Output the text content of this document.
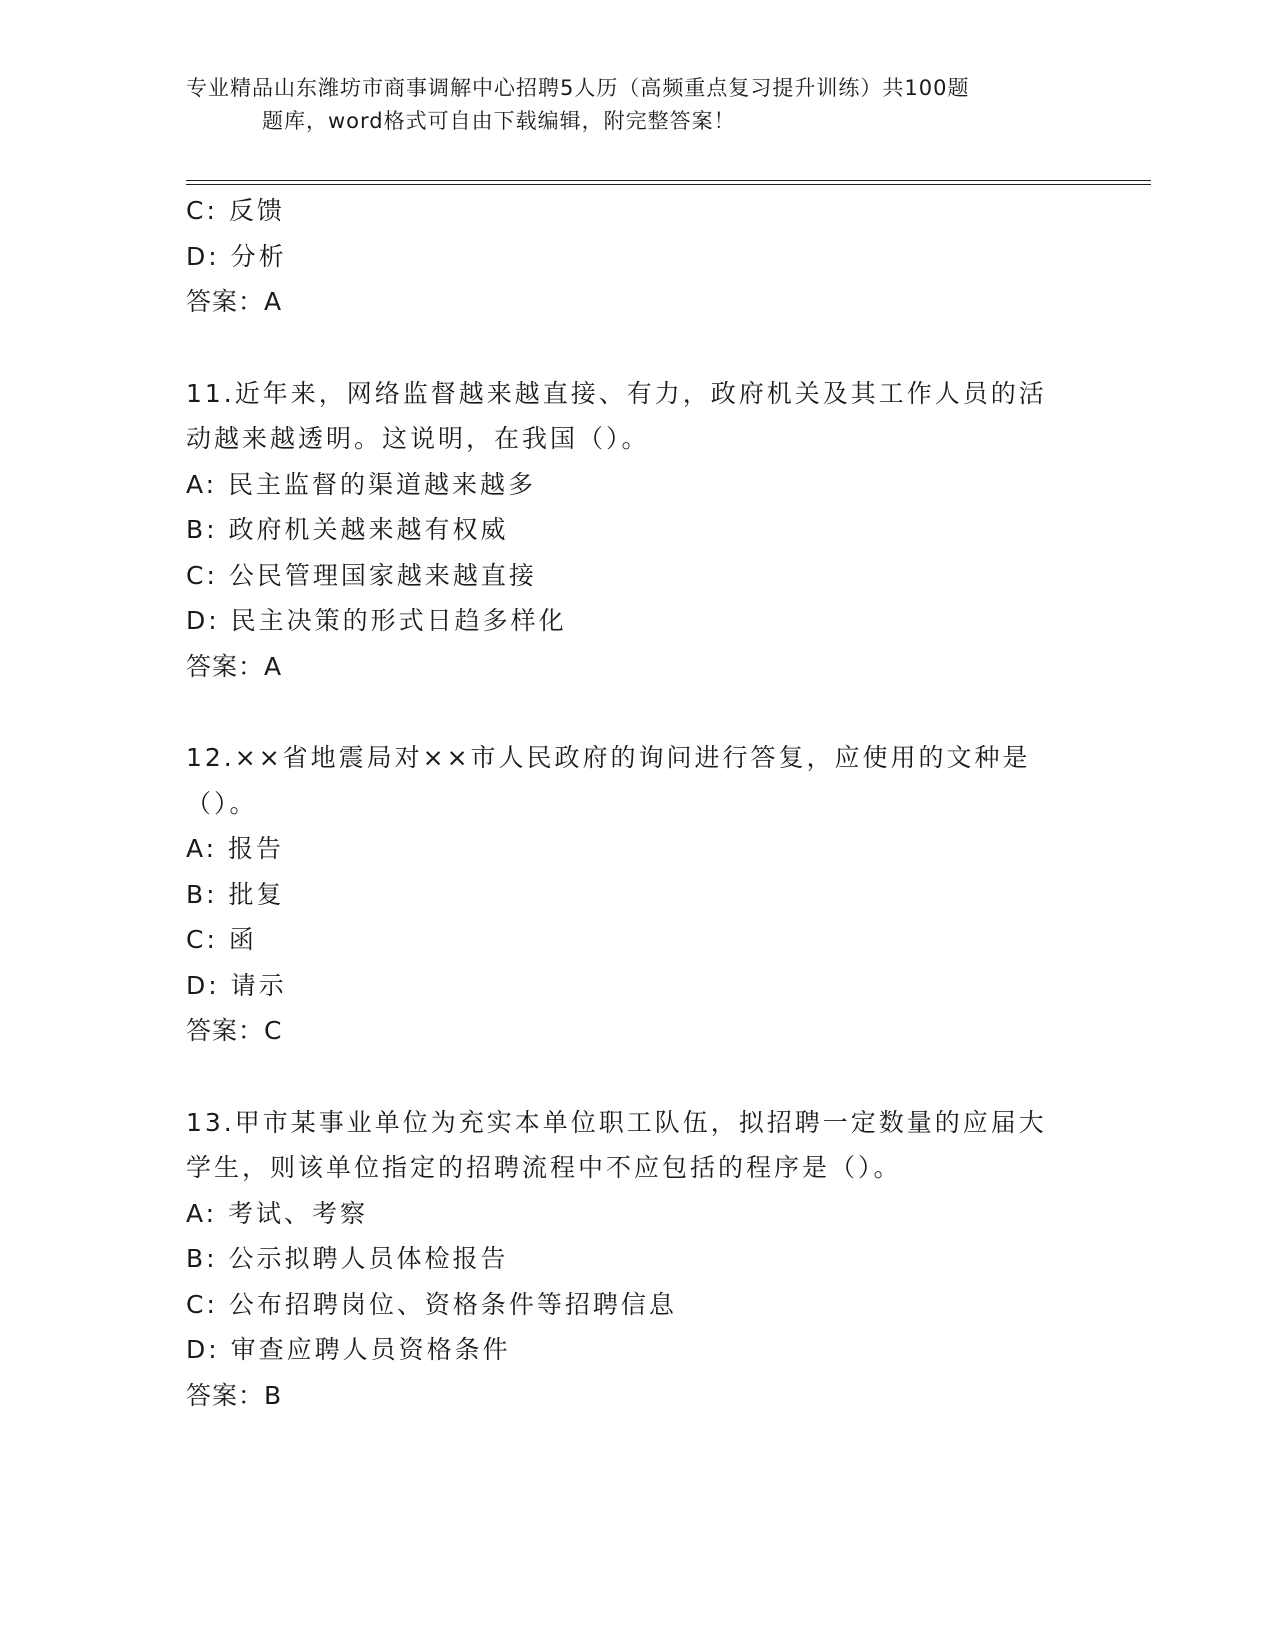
专业精品山东潍坊市商事调解中心招聘5人历（高频重点复习提升训练）共100题
题库，word格式可自由下载编辑，附完整答案！
C: 反馈
D: 分析
答案：A
11.近年来，网络监督越来越直接、有力，政府机关及其工作人员的活
动越来越透明。这说明，在我国（）。
A: 民主监督的渠道越来越多
B: 政府机关越来越有权威
C: 公民管理国家越来越直接
D: 民主决策的形式日趋多样化
答案：A
12.××省地震局对××市人民政府的询问进行答复，应使用的文种是
（）。
A: 报告
B: 批复
C: 函
D: 请示
答案：C
13.甲市某事业单位为充实本单位职工队伍，拟招聘一定数量的应届大
学生，则该单位指定的招聘流程中不应包括的程序是（）。
A: 考试、考察
B: 公示拟聘人员体检报告
C: 公布招聘岗位、资格条件等招聘信息
D: 审查应聘人员资格条件
答案：B
